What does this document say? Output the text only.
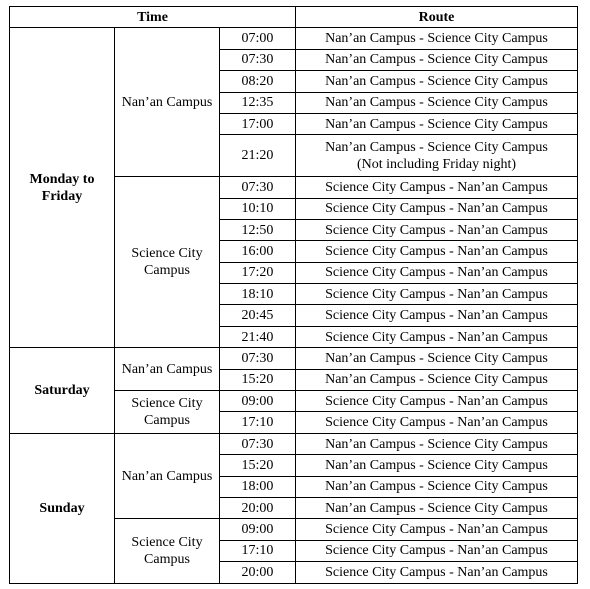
Time			Route
Monday to Friday	Nan’an Campus	07:00	Nan’an Campus - Science City Campus

		07:30	Nan’an Campus - Science City Campus

		08:20	Nan’an Campus - Science City Campus

		12:35	Nan’an Campus - Science City Campus

		17:00	Nan’an Campus - Science City Campus

		21:20	Nan’an Campus - Science City Campus
(Not including Friday night)

	Science City Campus	07:30	Science City Campus - Nan’an Campus

		10:10	Science City Campus - Nan’an Campus

		12:50	Science City Campus - Nan’an Campus

		16:00	Science City Campus - Nan’an Campus

		17:20	Science City Campus - Nan’an Campus

		18:10	Science City Campus - Nan’an Campus

		20:45	Science City Campus - Nan’an Campus

		21:40	Science City Campus - Nan’an Campus

Saturday	Nan’an Campus	07:30	Nan’an Campus - Science City Campus

		15:20	Nan’an Campus - Science City Campus

	Science City Campus	09:00	Science City Campus - Nan’an Campus

		17:10	Science City Campus - Nan’an Campus

Sunday	Nan’an Campus	07:30	Nan’an Campus - Science City Campus

		15:20	Nan’an Campus - Science City Campus

		18:00	Nan’an Campus - Science City Campus

		20:00	Nan’an Campus - Science City Campus

	Science City Campus	09:00	Science City Campus - Nan’an Campus

		17:10	Science City Campus - Nan’an Campus

		20:00	Science City Campus - Nan’an Campus
